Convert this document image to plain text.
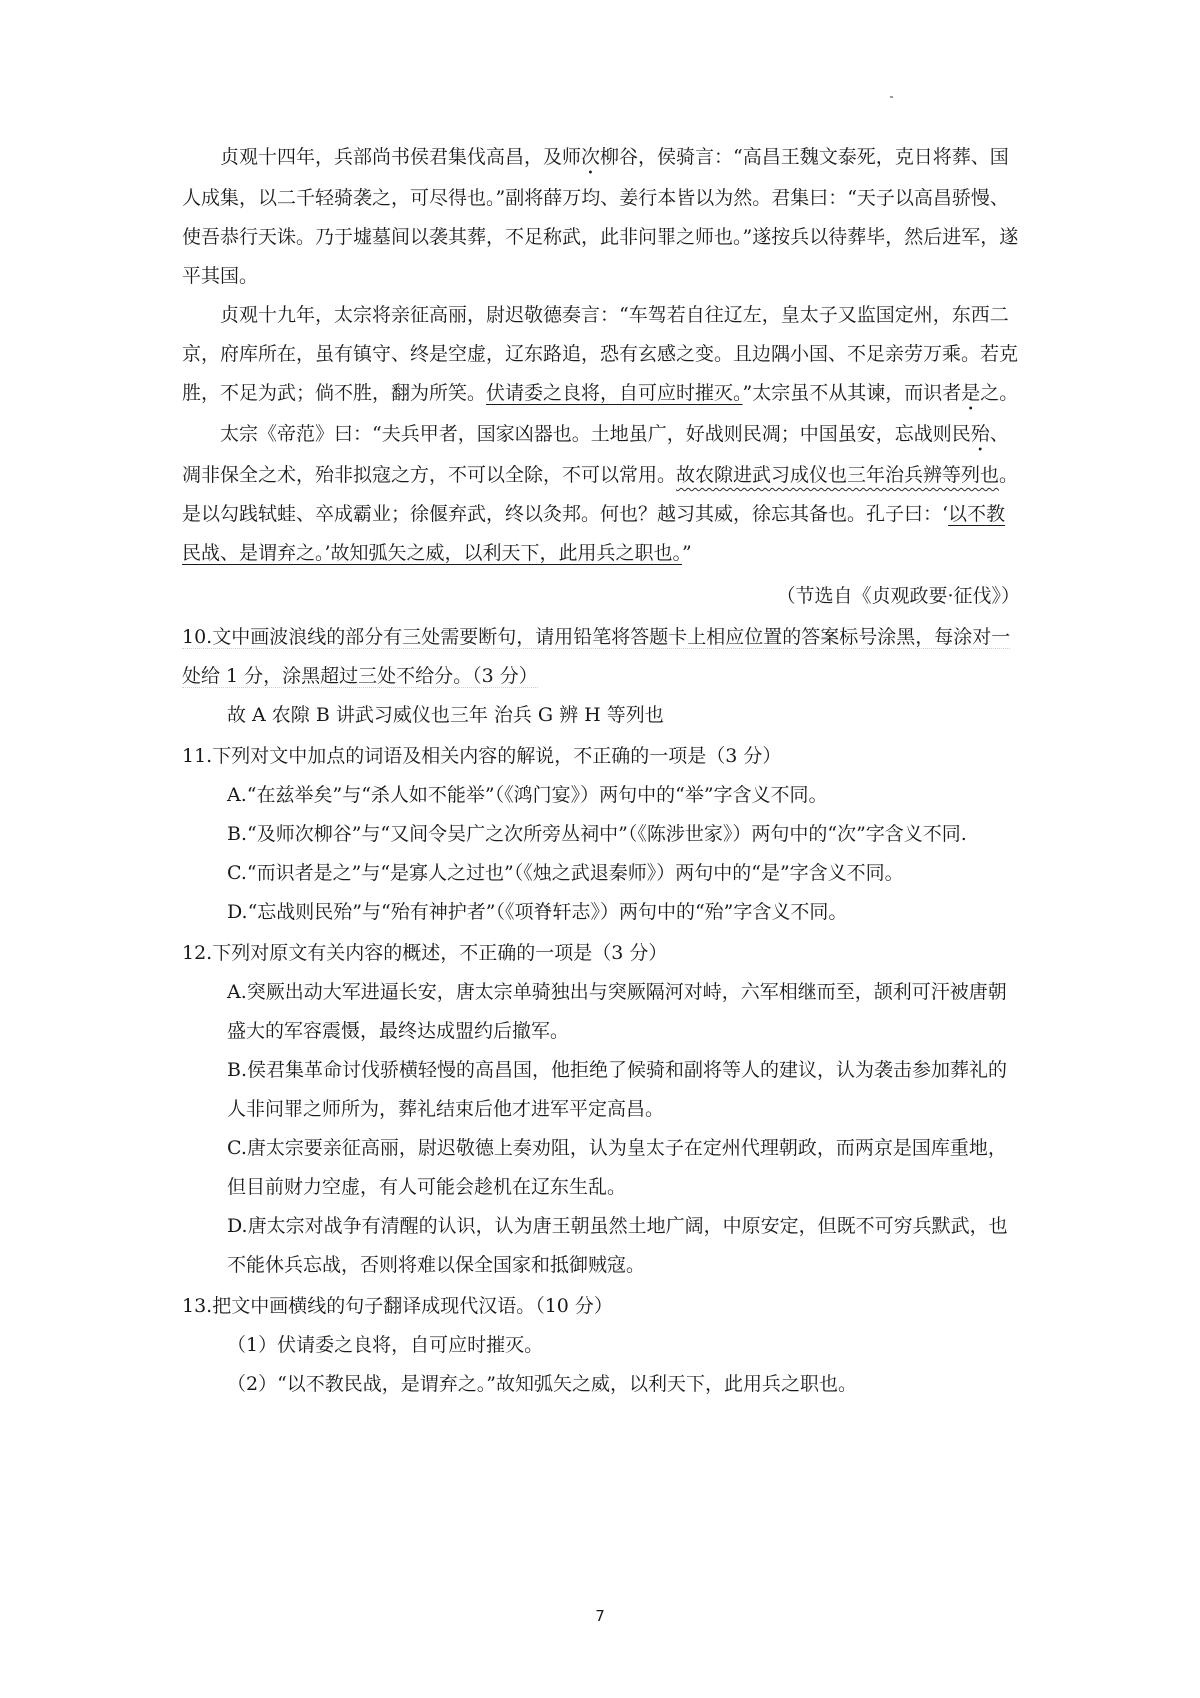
贞观十四年，兵部尚书侯君集伐高昌，及师次柳谷，侯骑言：“高昌王魏文泰死，克日将葬、国人成集，以二千轻骑袭之，可尽得也。”副将薛万均、姜行本皆以为然。君集曰：“天子以高昌骄慢、使吾恭行天诛。乃于墟墓间以袭其葬，不足称武，此非问罪之师也。”遂按兵以待葬毕，然后进军，遂平其国。

贞观十九年，太宗将亲征高丽，尉迟敬德奏言：“车驾若自往辽左，皇太子又监国定州，东西二京，府库所在，虽有镇守、终是空虚，辽东路追，恐有玄感之变。且边隅小国、不足亲劳万乘。若克胜，不足为武；倘不胜，翻为所笑。伏请委之良将，自可应时摧灭。”太宗虽不从其谏，而识者是之。

太宗《帝范》曰：“夫兵甲者，国家凶器也。土地虽广，好战则民凋；中国虽安，忘战则民殆、凋非保全之术，殆非拟寇之方，不可以全除，不可以常用。故农隙进武习成仪也三年治兵辨等列也。是以勾践轼蛙、卒成霸业；徐偃弃武，终以灸邦。何也？越习其威，徐忘其备也。孔子曰：‘以不教民战、是谓弃之。’故知弧矢之威，以利天下，此用兵之职也。”

（节选自《贞观政要·征伐》）

10.文中画波浪线的部分有三处需要断句，请用铅笔将答题卡上相应位置的答案标号涂黑，每涂对一处给 1 分，涂黑超过三处不给分。（3 分）

故 A 农隙 B 讲武习威仪也三年 治兵 G 辨 H 等列也

11.下列对文中加点的词语及相关内容的解说，不正确的一项是（3 分）

A.“在兹举矣”与“杀人如不能举”（《鸿门宴》）两句中的“举”字含义不同。

B.“及师次柳谷”与“又间令吴广之次所旁丛祠中”（《陈涉世家》）两句中的“次”字含义不同.

C.“而识者是之”与“是寡人之过也”（《烛之武退秦师》）两句中的“是”字含义不同。

D.“忘战则民殆”与“殆有神护者”（《项脊轩志》）两句中的“殆”字含义不同。

12.下列对原文有关内容的概述，不正确的一项是（3 分）

A.突厥出动大军进逼长安，唐太宗单骑独出与突厥隔河对峙，六军相继而至，颉利可汗被唐朝盛大的军容震慑，最终达成盟约后撤军。

B.侯君集革命讨伐骄横轻慢的高昌国，他拒绝了候骑和副将等人的建议，认为袭击参加葬礼的人非问罪之师所为，葬礼结束后他才进军平定高昌。

C.唐太宗要亲征高丽，尉迟敬德上奏劝阻，认为皇太子在定州代理朝政，而两京是国库重地，但目前财力空虚，有人可能会趁机在辽东生乱。

D.唐太宗对战争有清醒的认识，认为唐王朝虽然土地广阔，中原安定，但既不可穷兵默武，也不能休兵忘战，否则将难以保全国家和抵御贼寇。

13.把文中画横线的句子翻译成现代汉语。（10 分）

（1）伏请委之良将，自可应时摧灭。

（2）“以不教民战，是谓弃之。”故知弧矢之威，以利天下，此用兵之职也。

7
